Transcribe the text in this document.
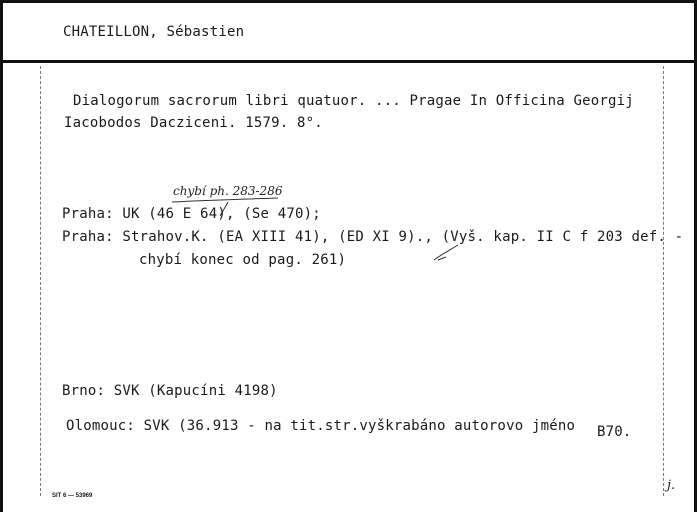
CHATEILLON, Sébastien
Dialogorum sacrorum libri quatuor. ... Pragae In Officina Georgij
Iacobodos Dacziceni. 1579. 8°.
chybí ph. 283-286
Praha: UK (46 E 64), (Se 470);
Praha: Strahov.K. (EA XIII 41), (ED XI 9)., (Vyš. kap. II C f 203 def. -
chybí konec od pag. 261)
Brno: SVK (Kapucíni 4198)
Olomouc: SVK (36.913 - na tit.str.vyškrabáno autorovo jméno B70.
SIT 6 — 53969
j.
